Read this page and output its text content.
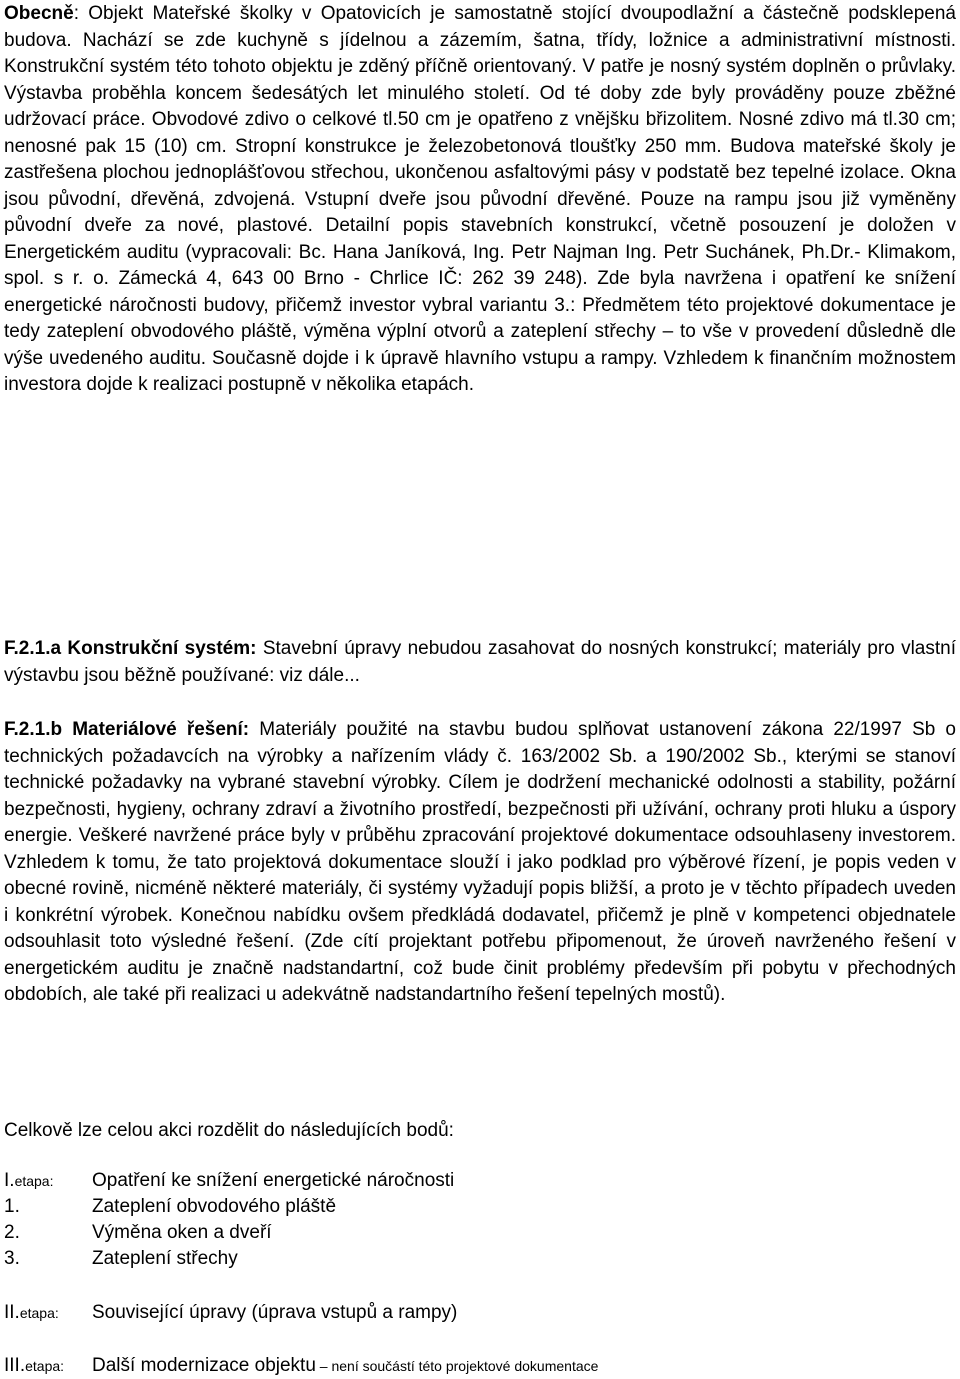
Obecně: Objekt Mateřské školky v Opatovicích je samostatně stojící dvoupodlažní a částečně podsklepená budova. Nachází se zde kuchyně s jídelnou a zázemím, šatna, třídy, ložnice a administrativní místnosti. Konstrukční systém této tohoto objektu je zděný příčně orientovaný. V patře je nosný systém doplněn o průvlaky. Výstavba proběhla koncem šedesátých let minulého století. Od té doby zde byly prováděny pouze zběžné udržovací práce. Obvodové zdivo o celkové tl.50 cm je opatřeno z vnějšku břizolitem. Nosné zdivo má tl.30 cm; nenosné pak 15 (10) cm. Stropní konstrukce je železobetonová tloušťky 250 mm. Budova mateřské školy je zastřešena plochou jednoplášťovou střechou, ukončenou asfaltovými pásy v podstatě bez tepelné izolace. Okna jsou původní, dřevěná, zdvojená. Vstupní dveře jsou původní dřevěné. Pouze na rampu jsou již vyměněny původní dveře za nové, plastové. Detailní popis stavebních konstrukcí, včetně posouzení je doložen v Energetickém auditu (vypracovali: Bc. Hana Janíková, Ing. Petr Najman Ing. Petr Suchánek, Ph.Dr.- Klimakom, spol. s r. o. Zámecká 4, 643 00 Brno - Chrlice IČ: 262 39 248). Zde byla navržena i opatření ke snížení energetické náročnosti budovy, přičemž investor vybral variantu 3.: Předmětem této projektové dokumentace je tedy zateplení obvodového pláště, výměna výplní otvorů a zateplení střechy – to vše v provedení důsledně dle výše uvedeného auditu. Současně dojde i k úpravě hlavního vstupu a rampy. Vzhledem k finančním možnostem investora dojde k realizaci postupně v několika etapách.

F.2.1.a Konstrukční systém: Stavební úpravy nebudou zasahovat do nosných konstrukcí; materiály pro vlastní výstavbu jsou běžně používané: viz dále...

F.2.1.b Materiálové řešení: Materiály použité na stavbu budou splňovat ustanovení zákona 22/1997 Sb o technických požadavcích na výrobky a nařízením vlády č. 163/2002 Sb. a 190/2002 Sb., kterými se stanoví technické požadavky na vybrané stavební výrobky. Cílem je dodržení mechanické odolnosti a stability, požární bezpečnosti, hygieny, ochrany zdraví a životního prostředí, bezpečnosti při užívání, ochrany proti hluku a úspory energie. Veškeré navržené práce byly v průběhu zpracování projektové dokumentace odsouhlaseny investorem. Vzhledem k tomu, že tato projektová dokumentace slouží i jako podklad pro výběrové řízení, je popis veden v obecné rovině, nicméně některé materiály, či systémy vyžadují popis bližší, a proto je v těchto případech uveden i konkrétní výrobek. Konečnou nabídku ovšem předkládá dodavatel, přičemž je plně v kompetenci objednatele odsouhlasit toto výsledné řešení. (Zde cítí projektant potřebu připomenout, že úroveň navrženého řešení v energetickém auditu je značně nadstandartní, což bude činit problémy především při pobytu v přechodných obdobích, ale také při realizaci u adekvátně nadstandartního řešení tepelných mostů).

Celkově lze celou akci rozdělit do následujících bodů:

I.etapa:	Opatření ke snížení energetické náročnosti
1.	Zateplení obvodového pláště
2.	Výměna oken a dveří
3.	Zateplení střechy
II.etapa:	Související úpravy (úprava vstupů a rampy)
III.etapa:	Další modernizace objektu – není součástí této projektové dokumentace
